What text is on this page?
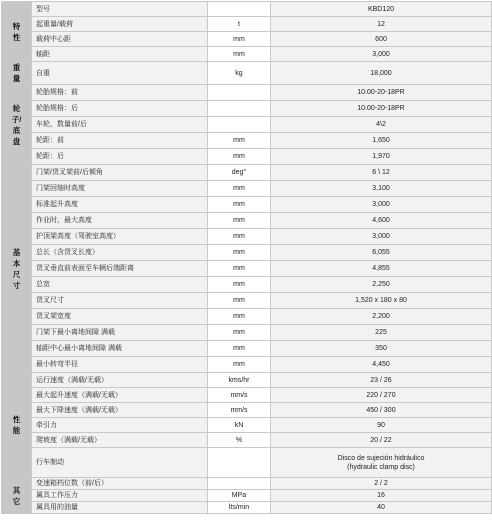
特
性	型号		KBD120
	起重量/载荷	t	12
	载荷中心距	mm	600
	轴距	mm	3,000
重
量	自重	kg	18,000
轮
子/
底
盘	轮胎规格：前		10.00-20-18PR
	轮胎规格：后		10.00-20-18PR
	车轮，数量前/后		4\2
	轮距：前	mm	1,650
	轮距：后	mm	1,970
基
本
尺
寸	门架/货叉架前/后倾角	deg°	6 \ 12
	门架回缩时高度	mm	3,100
	标准起升高度	mm	3,000
	作业时，最大高度	mm	4,600
	护顶架高度（驾驶室高度）	mm	3,000
	总长（含货叉长度）	mm	6,055
	货叉垂直前表面至车辆后端距离	mm	4,855
	总宽	mm	2,250
	货叉尺寸	mm	1,520 x 180 x 80
	货叉架宽度	mm	2,200
	门架下最小离地间隙 满载	mm	225
	轴距中心最小离地间隙 满载	mm	350
	最小转弯半径	mm	4,450
性
能	运行速度（满载/无载）	kms/hr	23 / 26
	最大起升速度（满载/无载）	mm/s	220 / 270
	最大下降速度（满载/无载）	mm/s	450 / 300
	牵引力	kN	90
	爬坡度（满载/无载）	%	20 / 22
	行车制动		Disco de sujeción hidráulico
(hydraulic clamp disc)

其
它	变速箱档位数（前/后）		2 / 2
	属具工作压力	MPa	16
	属具用的油量	lts/min	40
